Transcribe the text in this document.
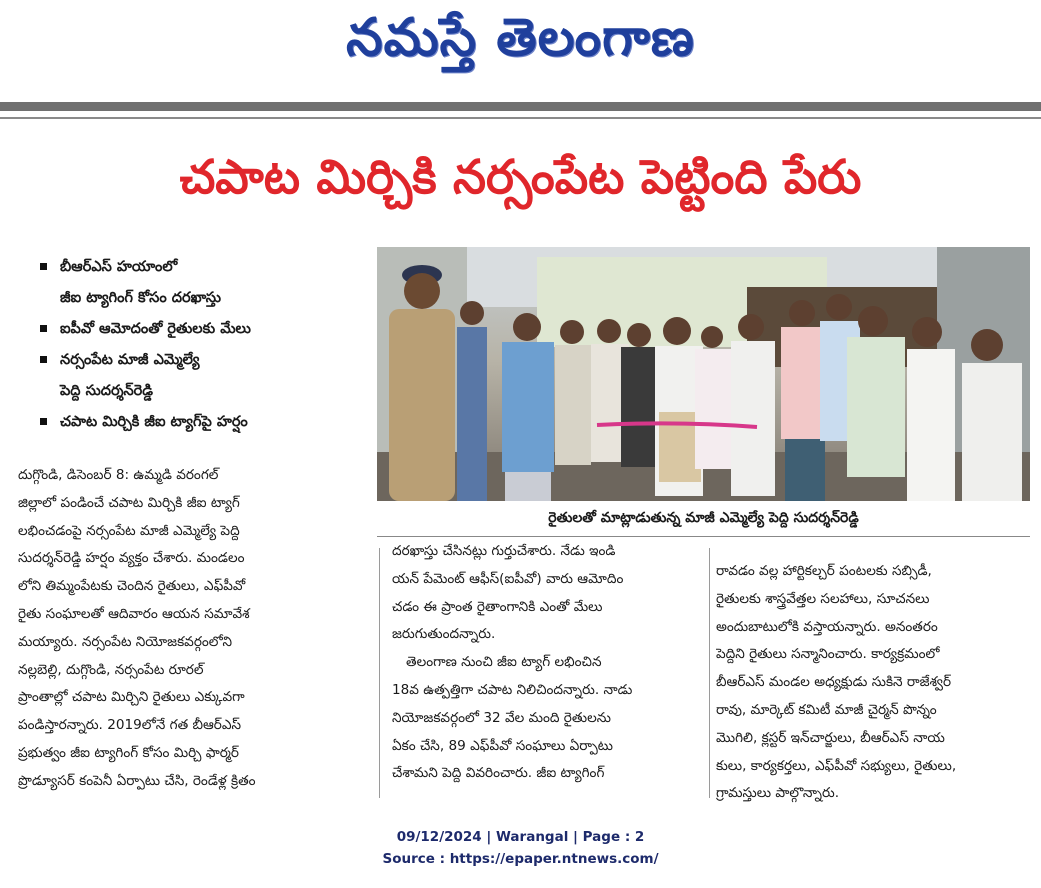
నమస్తే తెలంగాణ
చపాట మిర్చికి నర్సంపేట పెట్టింది పేరు
బీఆర్ఎస్ హయాంలో
జీఐ ట్యాగింగ్ కోసం దరఖాస్తు
ఐపీవో ఆమోదంతో రైతులకు మేలు
నర్సంపేట మాజీ ఎమ్మెల్యే
పెద్ది సుదర్శన్‌రెడ్డి
చపాట మిర్చికి జీఐ ట్యాగ్‌పై హర్షం
రైతులతో మాట్లాడుతున్న మాజీ ఎమ్మెల్యే పెద్ది సుదర్శన్‌రెడ్డి
దుగ్గొండి, డిసెంబర్ 8: ఉమ్మడి వరంగల్
జిల్లాలో పండించే చపాట మిర్చికి జీఐ ట్యాగ్
లభించడంపై నర్సంపేట మాజీ ఎమ్మెల్యే పెద్ది
సుదర్శన్‌రెడ్డి హర్షం వ్యక్తం చేశారు. మండలం
లోని తిమ్మంపేటకు చెందిన రైతులు, ఎఫ్‌పీవో
రైతు సంఘాలతో ఆదివారం ఆయన సమావేశ
మయ్యారు. నర్సంపేట నియోజకవర్గంలోని
నల్లబెల్లి, దుగ్గొండి, నర్సంపేట రూరల్
ప్రాంతాల్లో చపాట మిర్చిని రైతులు ఎక్కువగా
పండిస్తారన్నారు. 2019లోనే గత బీఆర్ఎస్
ప్రభుత్వం జీఐ ట్యాగింగ్ కోసం మిర్చి ఫార్మర్
ప్రొడ్యూసర్ కంపెనీ ఏర్పాటు చేసి, రెండేళ్ల క్రితం
దరఖాస్తు చేసినట్లు గుర్తుచేశారు. నేడు ఇండి
యన్ పేమెంట్ ఆఫీస్(ఐపీవో) వారు ఆమోదిం
చడం ఈ ప్రాంత రైతాంగానికి ఎంతో మేలు
జరుగుతుందన్నారు.
తెలంగాణ నుంచి జీఐ ట్యాగ్ లభించిన
18వ ఉత్పత్తిగా చపాట నిలిచిందన్నారు. నాడు
నియోజకవర్గంలో 32 వేల మంది రైతులను
ఏకం చేసి, 89 ఎఫ్‌పీవో సంఘాలు ఏర్పాటు
చేశామని పెద్ది వివరించారు. జీఐ ట్యాగింగ్
రావడం వల్ల హార్టికల్చర్ పంటలకు సబ్సిడీ,
రైతులకు శాస్త్రవేత్తల సలహాలు, సూచనలు
అందుబాటులోకి వస్తాయన్నారు. అనంతరం
పెద్దిని రైతులు సన్మానించారు. కార్యక్రమంలో
బీఆర్ఎస్ మండల అధ్యక్షుడు సుకినె రాజేశ్వర్
రావు, మార్కెట్ కమిటీ మాజీ చైర్మన్ పొన్నం
మొగిలి, క్లస్టర్ ఇన్‌చార్జులు, బీఆర్ఎస్ నాయ
కులు, కార్యకర్తలు, ఎఫ్‌పీవో సభ్యులు, రైతులు,
గ్రామస్తులు పాల్గొన్నారు.
09/12/2024 | Warangal | Page : 2
Source : https://epaper.ntnews.com/
